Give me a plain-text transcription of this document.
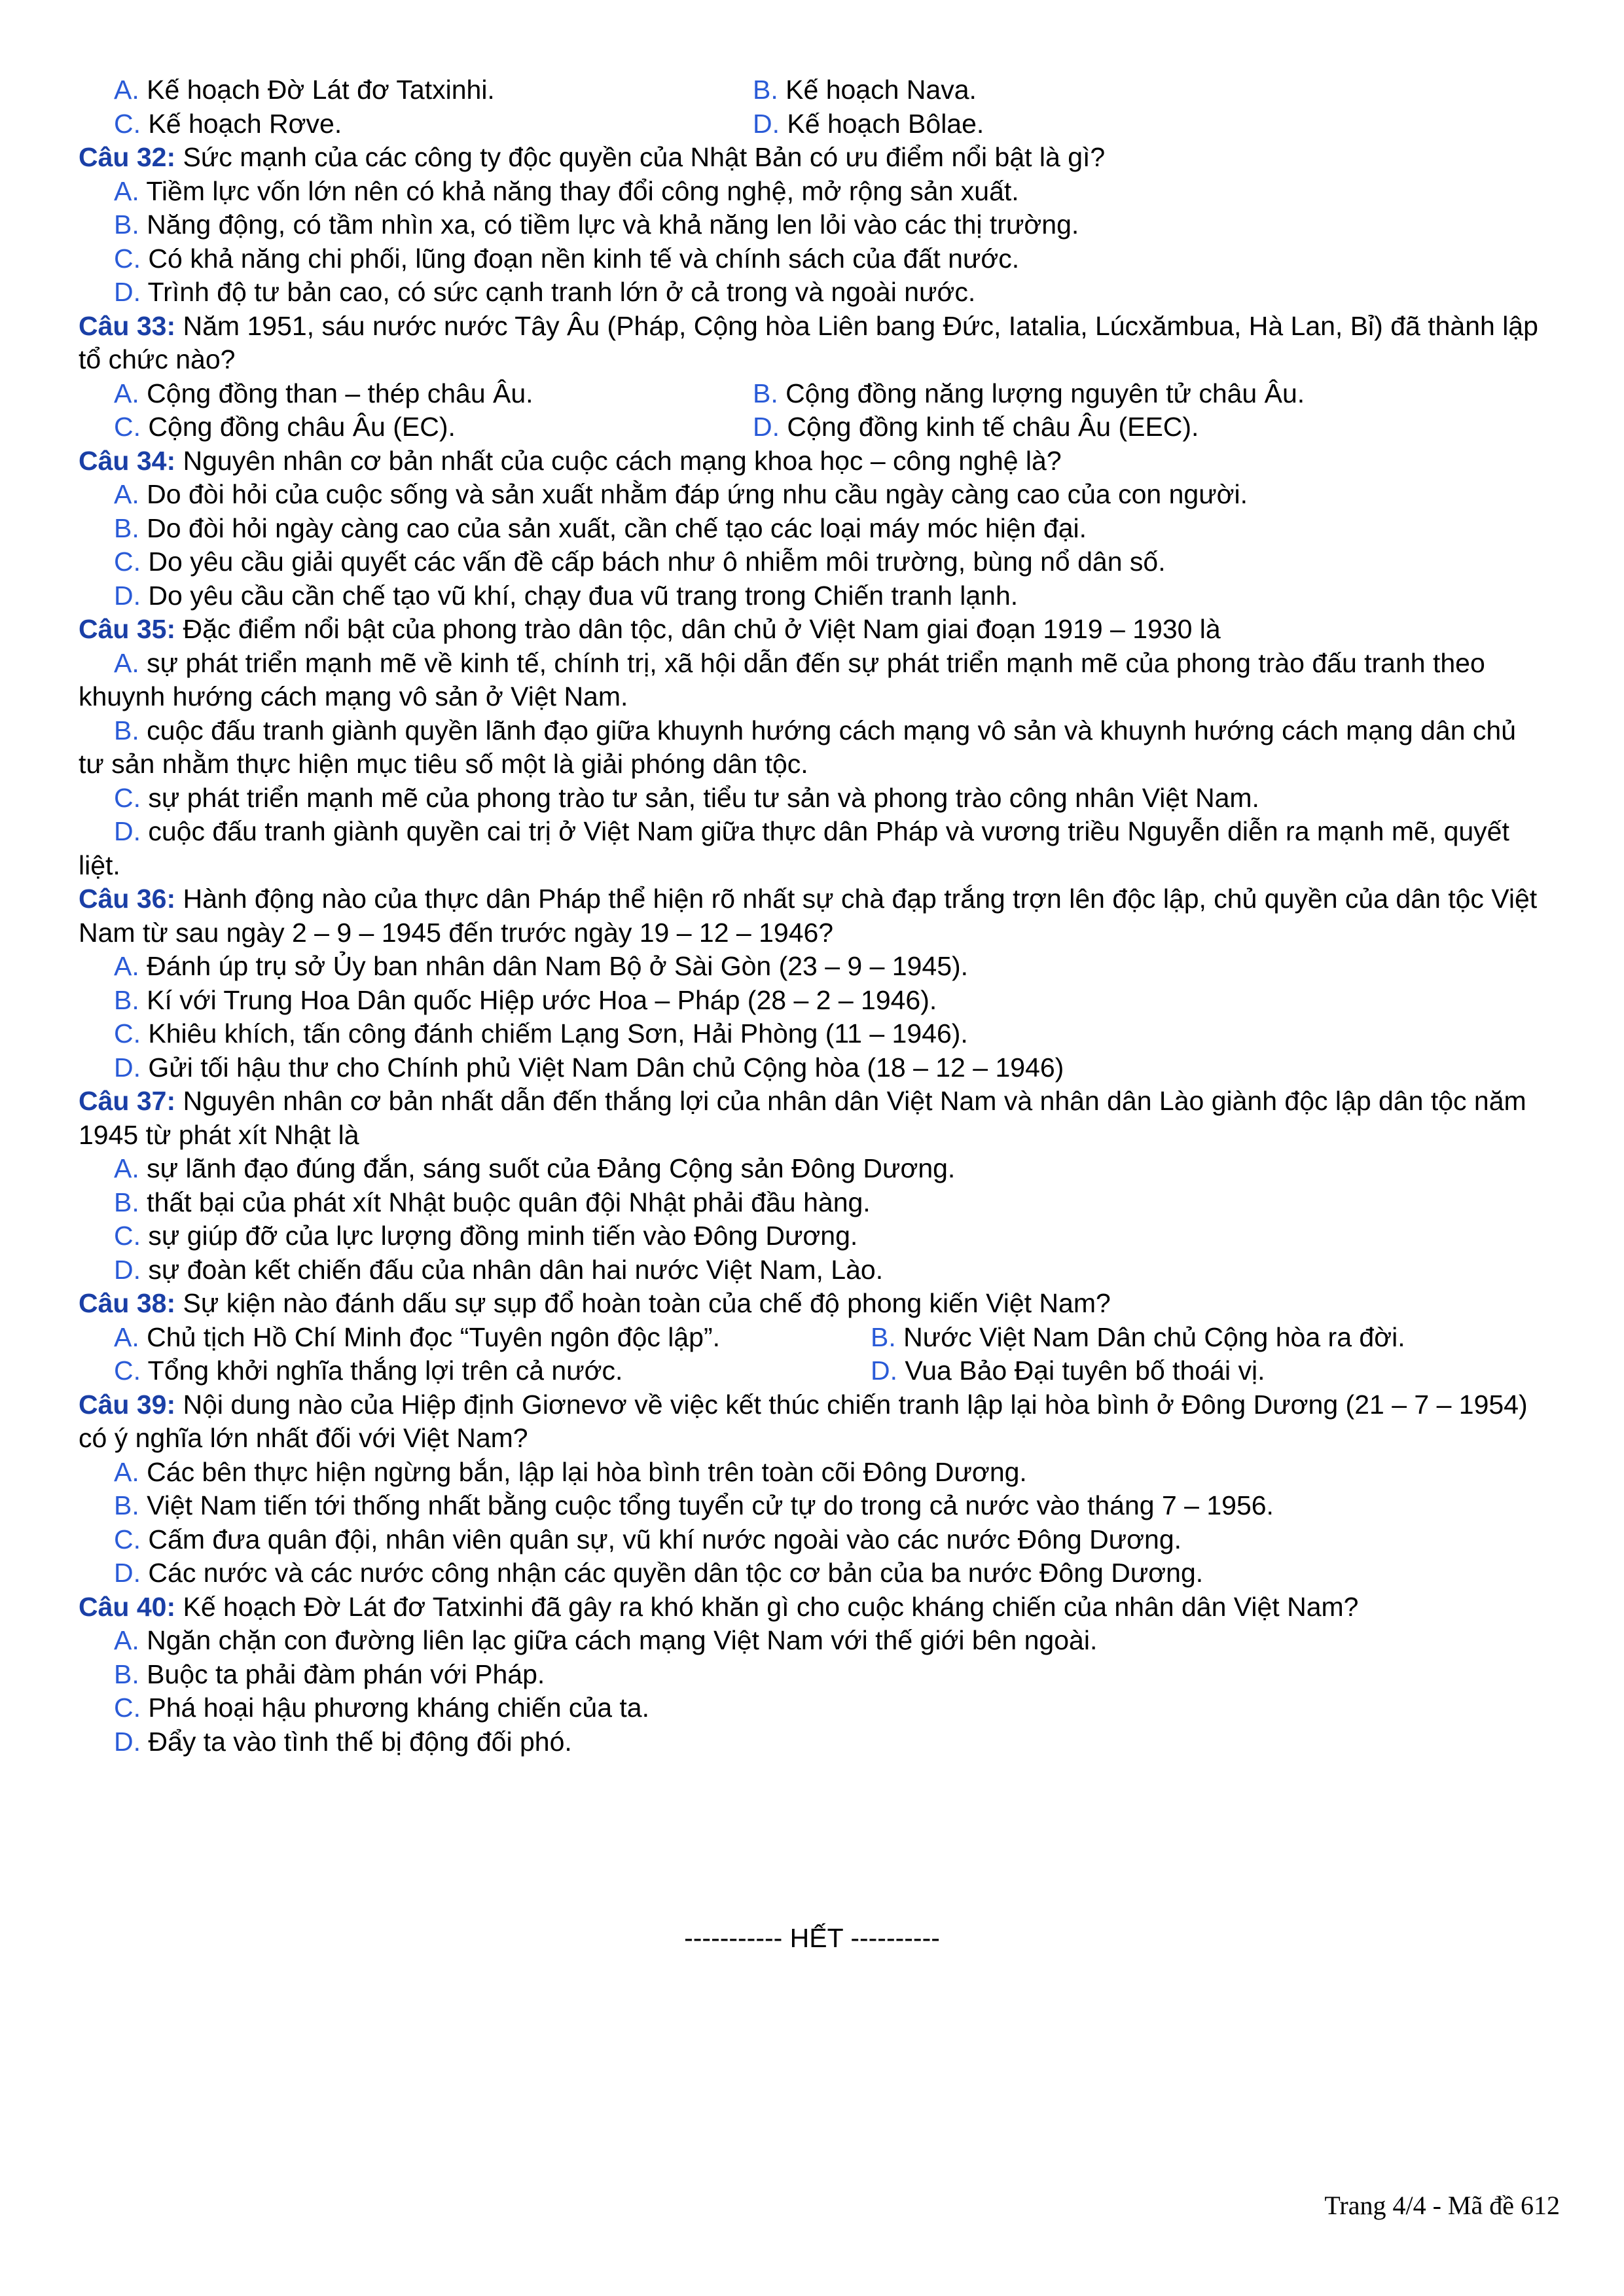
A. Kế hoạch Đờ Lát đơ Tatxinhi.	B. Kế hoạch Nava.
C. Kế hoạch Rơve.	D. Kế hoạch Bôlae.

Câu 32: Sức mạnh của các công ty độc quyền của Nhật Bản có ưu điểm nổi bật là gì?

A. Tiềm lực vốn lớn nên có khả năng thay đổi công nghệ, mở rộng sản xuất.

B. Năng động, có tầm nhìn xa, có tiềm lực và khả năng len lỏi vào các thị trường.

C. Có khả năng chi phối, lũng đoạn nền kinh tế và chính sách của đất nước.

D. Trình độ tư bản cao, có sức cạnh tranh lớn ở cả trong và ngoài nước.

Câu 33: Năm 1951, sáu nước nước Tây Âu (Pháp, Cộng hòa Liên bang Đức, Iatalia, Lúcxămbua, Hà Lan, Bỉ) đã thành lập tổ chức nào?

A. Cộng đồng than – thép châu Âu.	B. Cộng đồng năng lượng nguyên tử châu Âu.
C. Cộng đồng châu Âu (EC).	D. Cộng đồng kinh tế châu Âu (EEC).

Câu 34: Nguyên nhân cơ bản nhất của cuộc cách mạng khoa học – công nghệ là?

A. Do đòi hỏi của cuộc sống và sản xuất nhằm đáp ứng nhu cầu ngày càng cao của con người.

B. Do đòi hỏi ngày càng cao của sản xuất, cần chế tạo các loại máy móc hiện đại.

C. Do yêu cầu giải quyết các vấn đề cấp bách như ô nhiễm môi trường, bùng nổ dân số.

D. Do yêu cầu cần chế tạo vũ khí, chạy đua vũ trang trong Chiến tranh lạnh.

Câu 35: Đặc điểm nổi bật của phong trào dân tộc, dân chủ ở Việt Nam giai đoạn 1919 – 1930 là

A. sự phát triển mạnh mẽ về kinh tế, chính trị, xã hội dẫn đến sự phát triển mạnh mẽ của phong trào đấu tranh theo khuynh hướng cách mạng vô sản ở Việt Nam.

B. cuộc đấu tranh giành quyền lãnh đạo giữa khuynh hướng cách mạng vô sản và khuynh hướng cách mạng dân chủ tư sản nhằm thực hiện mục tiêu số một là giải phóng dân tộc.

C. sự phát triển mạnh mẽ của phong trào tư sản, tiểu tư sản và phong trào công nhân Việt Nam.

D. cuộc đấu tranh giành quyền cai trị ở Việt Nam giữa thực dân Pháp và vương triều Nguyễn diễn ra mạnh mẽ, quyết liệt.

Câu 36: Hành động nào của thực dân Pháp thể hiện rõ nhất sự chà đạp trắng trợn lên độc lập, chủ quyền của dân tộc Việt Nam từ sau ngày 2 – 9 – 1945 đến trước ngày 19 – 12 – 1946?

A. Đánh úp trụ sở Ủy ban nhân dân Nam Bộ ở Sài Gòn (23 – 9 – 1945).

B. Kí với Trung Hoa Dân quốc Hiệp ước Hoa – Pháp (28 – 2 – 1946).

C. Khiêu khích, tấn công đánh chiếm Lạng Sơn, Hải Phòng (11 – 1946).

D. Gửi tối hậu thư cho Chính phủ Việt Nam Dân chủ Cộng hòa (18 – 12 – 1946)

Câu 37: Nguyên nhân cơ bản nhất dẫn đến thắng lợi của nhân dân Việt Nam và nhân dân Lào giành độc lập dân tộc năm 1945 từ phát xít Nhật là

A. sự lãnh đạo đúng đắn, sáng suốt của Đảng Cộng sản Đông Dương.

B. thất bại của phát xít Nhật buộc quân đội Nhật phải đầu hàng.

C. sự giúp đỡ của lực lượng đồng minh tiến vào Đông Dương.

D. sự đoàn kết chiến đấu của nhân dân hai nước Việt Nam, Lào.

Câu 38: Sự kiện nào đánh dấu sự sụp đổ hoàn toàn của chế độ phong kiến Việt Nam?

A. Chủ tịch Hồ Chí Minh đọc “Tuyên ngôn độc lập”.	B. Nước Việt Nam Dân chủ Cộng hòa ra đời.
C. Tổng khởi nghĩa thắng lợi trên cả nước.	D. Vua Bảo Đại tuyên bố thoái vị.

Câu 39: Nội dung nào của Hiệp định Giơnevơ về việc kết thúc chiến tranh lập lại hòa bình ở Đông Dương (21 – 7 – 1954) có ý nghĩa lớn nhất đối với Việt Nam?

A. Các bên thực hiện ngừng bắn, lập lại hòa bình trên toàn cõi Đông Dương.

B. Việt Nam tiến tới thống nhất bằng cuộc tổng tuyển cử tự do trong cả nước vào tháng 7 – 1956.

C. Cấm đưa quân đội, nhân viên quân sự, vũ khí nước ngoài vào các nước Đông Dương.

D. Các nước và các nước công nhận các quyền dân tộc cơ bản của ba nước Đông Dương.

Câu 40: Kế hoạch Đờ Lát đơ Tatxinhi đã gây ra khó khăn gì cho cuộc kháng chiến của nhân dân Việt Nam?

A. Ngăn chặn con đường liên lạc giữa cách mạng Việt Nam với thế giới bên ngoài.

B. Buộc ta phải đàm phán với Pháp.

C. Phá hoại hậu phương kháng chiến của ta.

D. Đẩy ta vào tình thế bị động đối phó.

----------- HẾT ----------
Trang 4/4 - Mã đề 612
